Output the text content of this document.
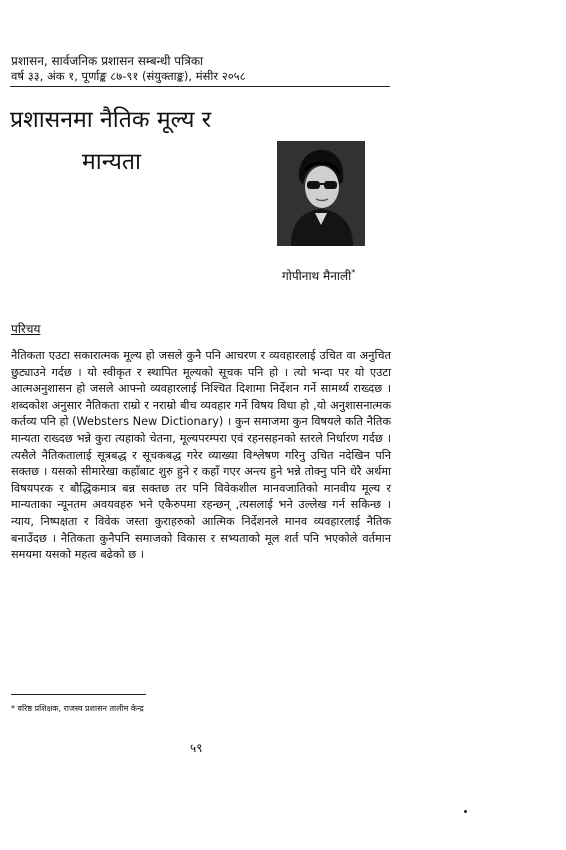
प्रशासन, सार्वजनिक प्रशासन सम्बन्धी पत्रिका
वर्ष ३३, अंक १, पूर्णाङ्क ८७-९१ (संयुक्ताङ्क), मंसीर २०५८
प्रशासनमा नैतिक मूल्य र
मान्यता
गोपीनाथ मैनाली*
परिचय
नैतिकता एउटा सकारात्मक मूल्य हो जसले कुनै पनि आचरण र व्यवहारलाई उचित वा अनुचित छुट्याउने गर्दछ । यो स्वीकृत र स्थापित मूल्यको सूचक पनि हो । त्यो भन्दा पर यो एउटा आत्मअनुशासन हो जसले आफ्नो व्यवहारलाई निश्चित दिशामा निर्देशन गर्ने सामर्थ्य राख्दछ । शब्दकोश अनुसार नैतिकता राम्रो र नराम्रो बीच व्यवहार गर्ने विषय विधा हो ,यो अनुशासनात्मक कर्तव्य पनि हो (Websters New Dictionary) । कुन समाजमा कुन विषयले कति नैतिक मान्यता राख्दछ भन्ने कुरा त्यहाको चेतना, मूल्यपरम्परा एवं रहनसहनको स्तरले निर्धारण गर्दछ । त्यसैले नैतिकतालाई सूत्रबद्ध र सूचकबद्ध गरेर व्याख्या विश्लेषण गरिनु उचित नदेखिन पनि सक्तछ । यसको सीमारेखा कहाँबाट शुरु हुने र कहाँ गएर अन्त्य हुने भन्ने तोक्नु पनि धेरै अर्थमा विषयपरक र बौद्धिकमात्र बन्न सक्तछ तर पनि विवेकशील मानवजातिको मानवीय मूल्य र मान्यताका न्यूनतम अवयवहरु भने एकैरुपमा रहन्छन् ,त्यसलाई भने उल्लेख गर्न सकिन्छ । न्याय, निष्पक्षता र विवेक जस्ता कुराहरुको आत्मिक निर्देशनले मानव व्यवहारलाई नैतिक बनाउँदछ । नैतिकता कुनैपनि समाजको विकास र सभ्यताको मूल शर्त पनि भएकोले वर्तमान समयमा यसको महत्व बढेको छ ।
* वरिष्ठ प्रशिक्षक, राजस्व प्रशासन तालीम केन्द्र
५९
